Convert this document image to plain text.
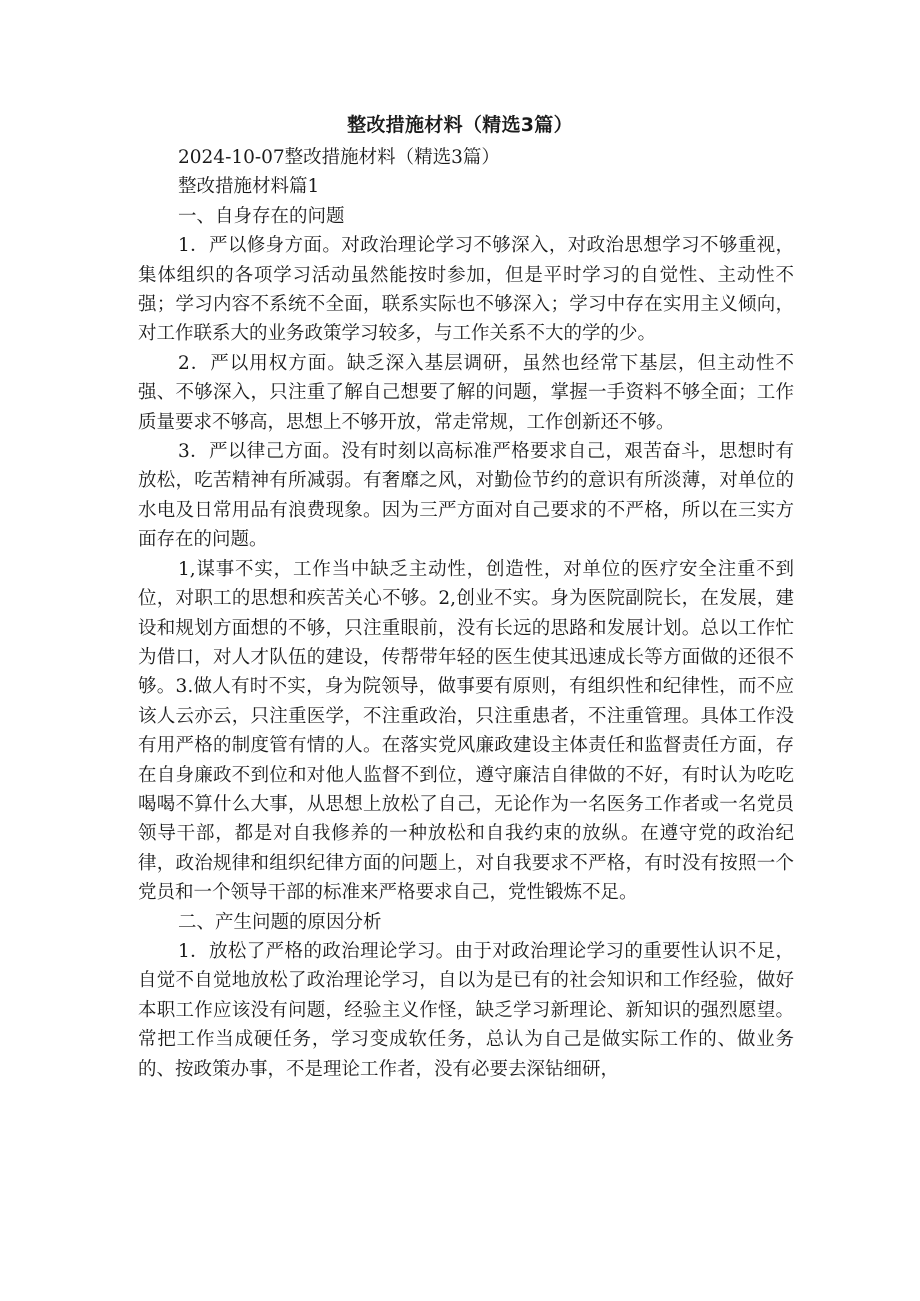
整改措施材料（精选3篇）

2024-10-07整改措施材料（精选3篇）

整改措施材料篇1

一、自身存在的问题

1．严以修身方面。对政治理论学习不够深入，对政治思想学习不够重视，集体组织的各项学习活动虽然能按时参加，但是平时学习的自觉性、主动性不强；学习内容不系统不全面，联系实际也不够深入；学习中存在实用主义倾向，对工作联系大的业务政策学习较多，与工作关系不大的学的少。

2．严以用权方面。缺乏深入基层调研，虽然也经常下基层，但主动性不强、不够深入，只注重了解自己想要了解的问题，掌握一手资料不够全面；工作质量要求不够高，思想上不够开放，常走常规，工作创新还不够。

3．严以律己方面。没有时刻以高标准严格要求自己，艰苦奋斗，思想时有放松，吃苦精神有所减弱。有奢靡之风，对勤俭节约的意识有所淡薄，对单位的水电及日常用品有浪费现象。因为三严方面对自己要求的不严格，所以在三实方面存在的问题。

1,谋事不实，工作当中缺乏主动性，创造性，对单位的医疗安全注重不到位，对职工的思想和疾苦关心不够。2,创业不实。身为医院副院长，在发展，建设和规划方面想的不够，只注重眼前，没有长远的思路和发展计划。总以工作忙为借口，对人才队伍的建设，传帮带年轻的医生使其迅速成长等方面做的还很不够。3.做人有时不实，身为院领导，做事要有原则，有组织性和纪律性，而不应该人云亦云，只注重医学，不注重政治，只注重患者，不注重管理。具体工作没有用严格的制度管有情的人。在落实党风廉政建设主体责任和监督责任方面，存在自身廉政不到位和对他人监督不到位，遵守廉洁自律做的不好，有时认为吃吃喝喝不算什么大事，从思想上放松了自己，无论作为一名医务工作者或一名党员领导干部，都是对自我修养的一种放松和自我约束的放纵。在遵守党的政治纪律，政治规律和组织纪律方面的问题上，对自我要求不严格，有时没有按照一个党员和一个领导干部的标准来严格要求自己，党性锻炼不足。

二、产生问题的原因分析

1．放松了严格的政治理论学习。由于对政治理论学习的重要性认识不足，自觉不自觉地放松了政治理论学习，自以为是已有的社会知识和工作经验，做好本职工作应该没有问题，经验主义作怪，缺乏学习新理论、新知识的强烈愿望。常把工作当成硬任务，学习变成软任务，总认为自己是做实际工作的、做业务的、按政策办事，不是理论工作者，没有必要去深钻细研，
